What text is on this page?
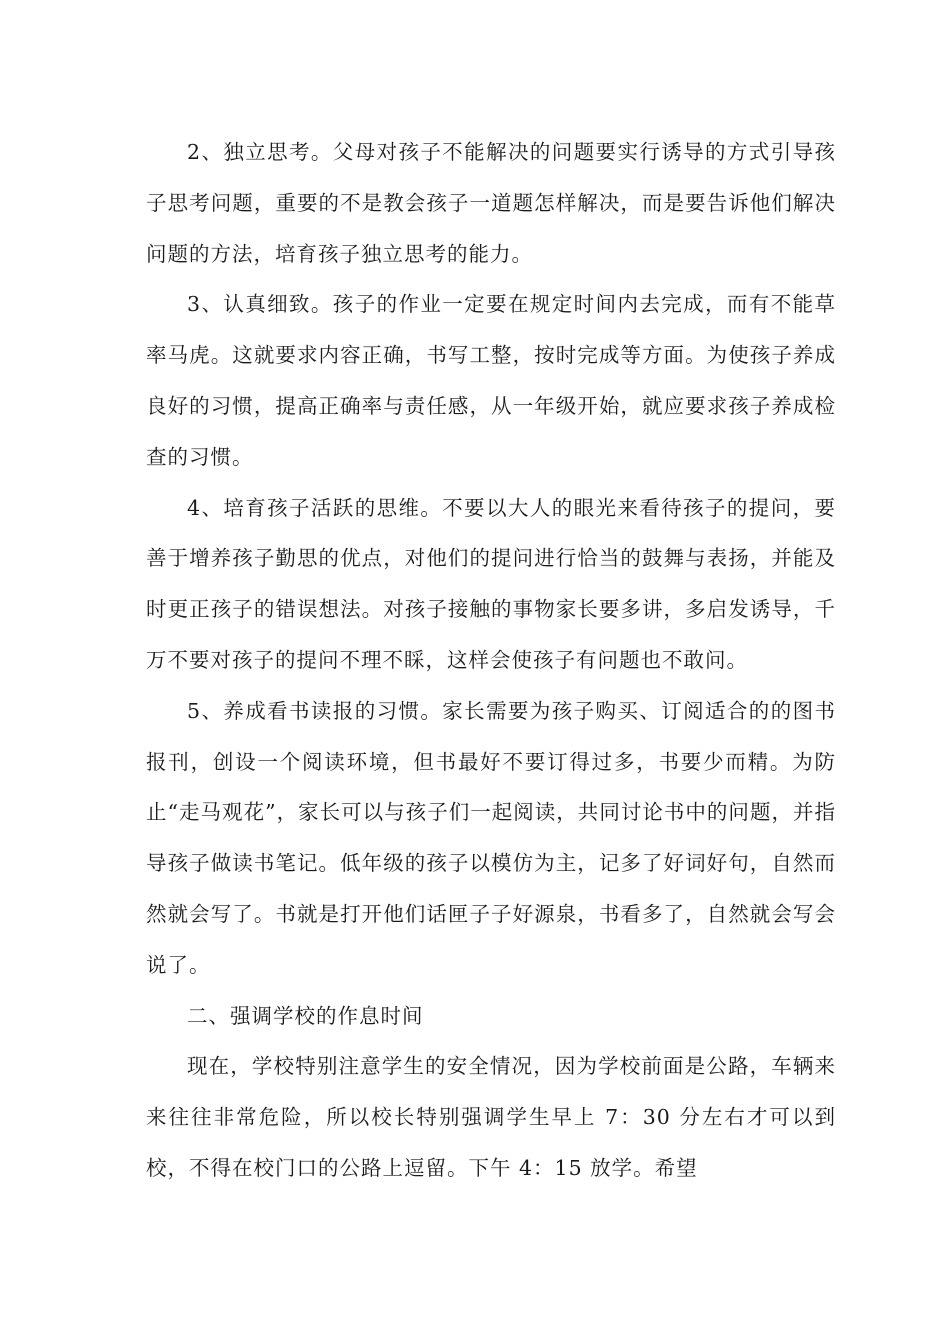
2、独立思考。父母对孩子不能解决的问题要实行诱导的方式引导孩子思考问题，重要的不是教会孩子一道题怎样解决，而是要告诉他们解决问题的方法，培育孩子独立思考的能力。

3、认真细致。孩子的作业一定要在规定时间内去完成，而有不能草率马虎。这就要求内容正确，书写工整，按时完成等方面。为使孩子养成良好的习惯，提高正确率与责任感，从一年级开始，就应要求孩子养成检查的习惯。

4、培育孩子活跃的思维。不要以大人的眼光来看待孩子的提问，要善于增养孩子勤思的优点，对他们的提问进行恰当的鼓舞与表扬，并能及时更正孩子的错误想法。对孩子接触的事物家长要多讲，多启发诱导，千万不要对孩子的提问不理不睬，这样会使孩子有问题也不敢问。

5、养成看书读报的习惯。家长需要为孩子购买、订阅适合的的图书报刊，创设一个阅读环境，但书最好不要订得过多，书要少而精。为防止“走马观花”，家长可以与孩子们一起阅读，共同讨论书中的问题，并指导孩子做读书笔记。低年级的孩子以模仿为主，记多了好词好句，自然而然就会写了。书就是打开他们话匣子子好源泉，书看多了，自然就会写会说了。

二、强调学校的作息时间

现在，学校特别注意学生的安全情况，因为学校前面是公路，车辆来来往往非常危险，所以校长特别强调学生早上 7：30 分左右才可以到校，不得在校门口的公路上逗留。下午 4：15 放学。希望
